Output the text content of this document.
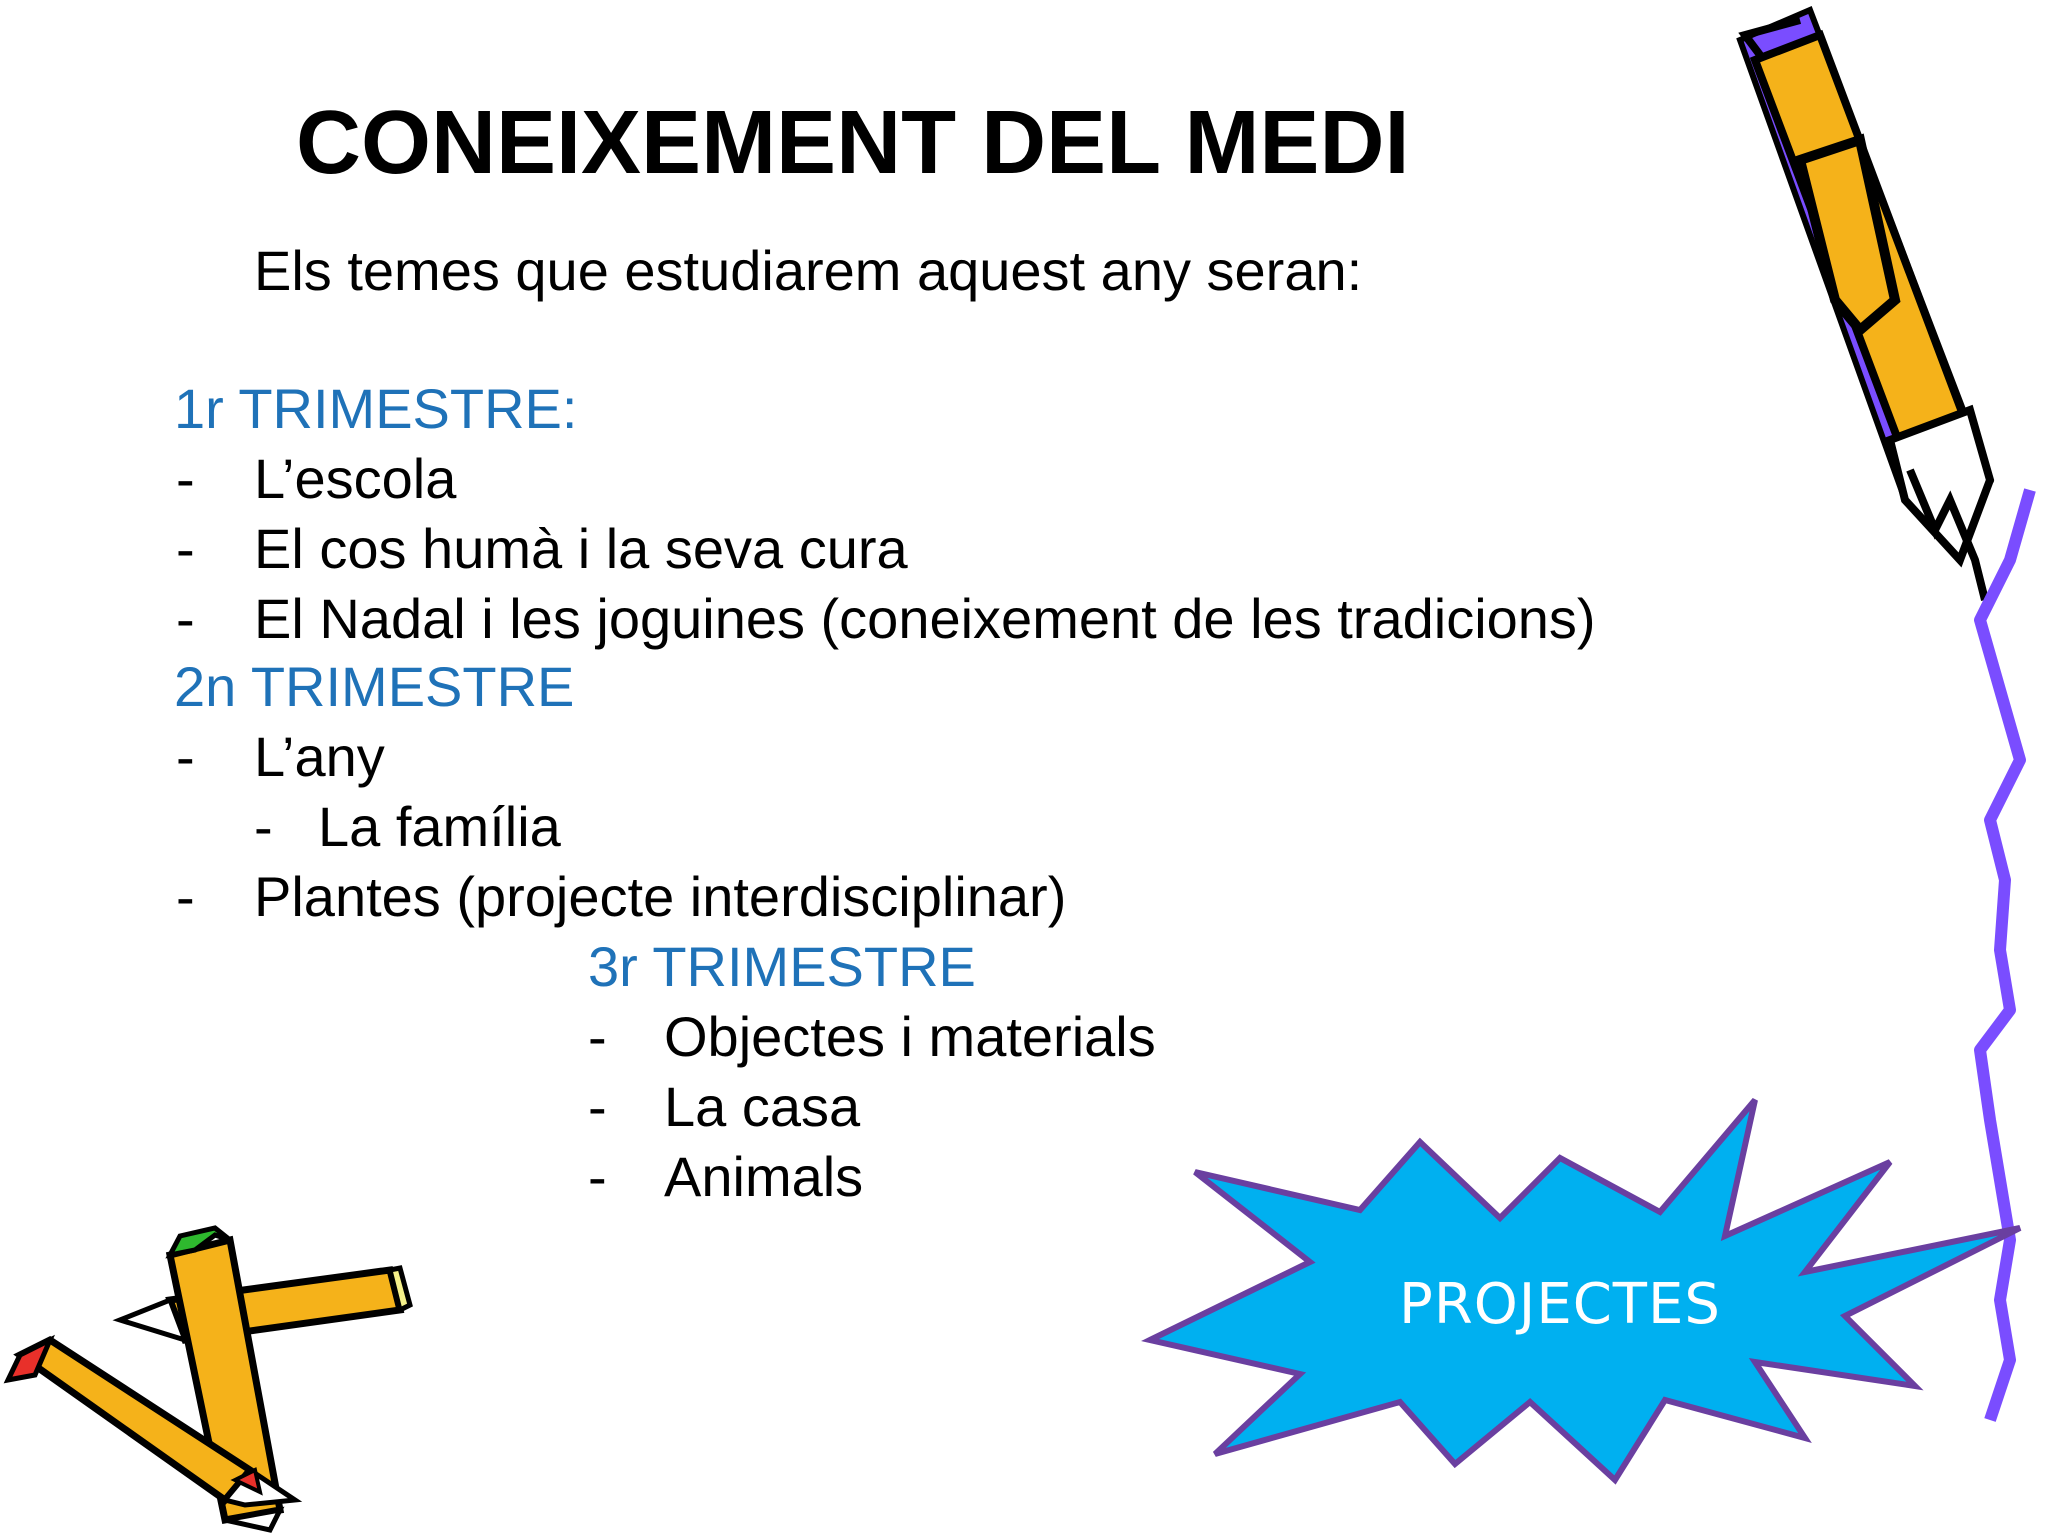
CONEIXEMENT DEL MEDI
Els temes que estudiarem aquest any seran:
1r TRIMESTRE:
- L’escola
- El cos humà i la seva cura
- El Nadal i les joguines (coneixement de les tradicions)
2n TRIMESTRE
- L’any
- La família
- Plantes (projecte interdisciplinar)
3r TRIMESTRE
- Objectes i materials
- La casa
- Animals
PROJECTES
